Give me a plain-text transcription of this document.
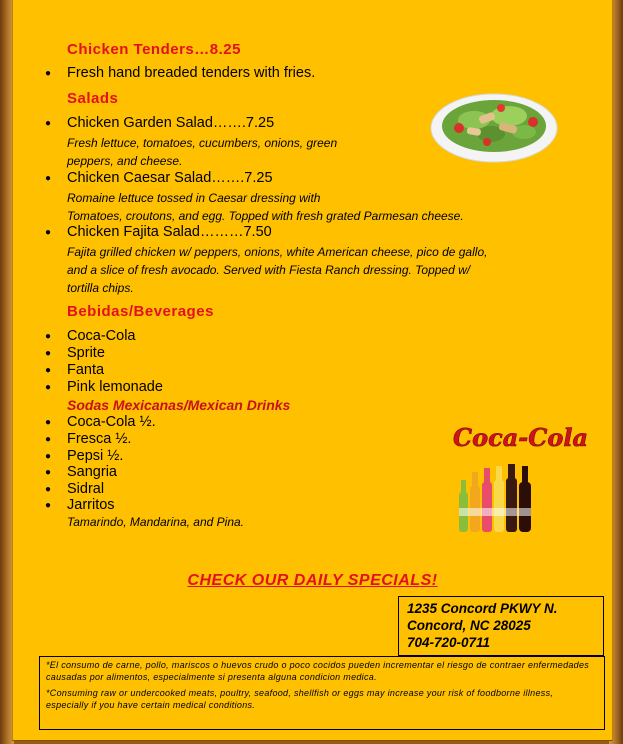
Chicken Tenders…8.25
● Fresh hand breaded tenders with fries.
Salads
● Chicken Garden Salad…….7.25
Fresh lettuce, tomatoes, cucumbers, onions, green
peppers, and cheese.
● Chicken Caesar Salad…….7.25
Romaine lettuce tossed in Caesar dressing with
Tomatoes, croutons, and egg. Topped with fresh grated Parmesan cheese.
● Chicken Fajita Salad………7.50
Fajita grilled chicken w/ peppers, onions, white American cheese, pico de gallo,
and a slice of fresh avocado. Served with Fiesta Ranch dressing. Topped w/
tortilla chips.
Bebidas/Beverages
● Coca-Cola
● Sprite
● Fanta
● Pink lemonade
Sodas Mexicanas/Mexican Drinks
● Coca-Cola ½.
● Fresca ½.
● Pepsi ½.
● Sangria
● Sidral
● Jarritos
Tamarindo, Mandarina, and Pina.
Coca-Cola
CHECK OUR DAILY SPECIALS!
1235 Concord PKWY N.
Concord, NC 28025
704-720-0711

*El consumo de carne, pollo, mariscos o huevos crudo o poco cocidos pueden incrementar el riesgo de contraer enfermedades causadas por alimentos, especialmente si presenta alguna condicion medica.

*Consuming raw or undercooked meats, poultry, seafood, shellfish or eggs may increase your risk of foodborne illness, especially if you have certain medical conditions.
